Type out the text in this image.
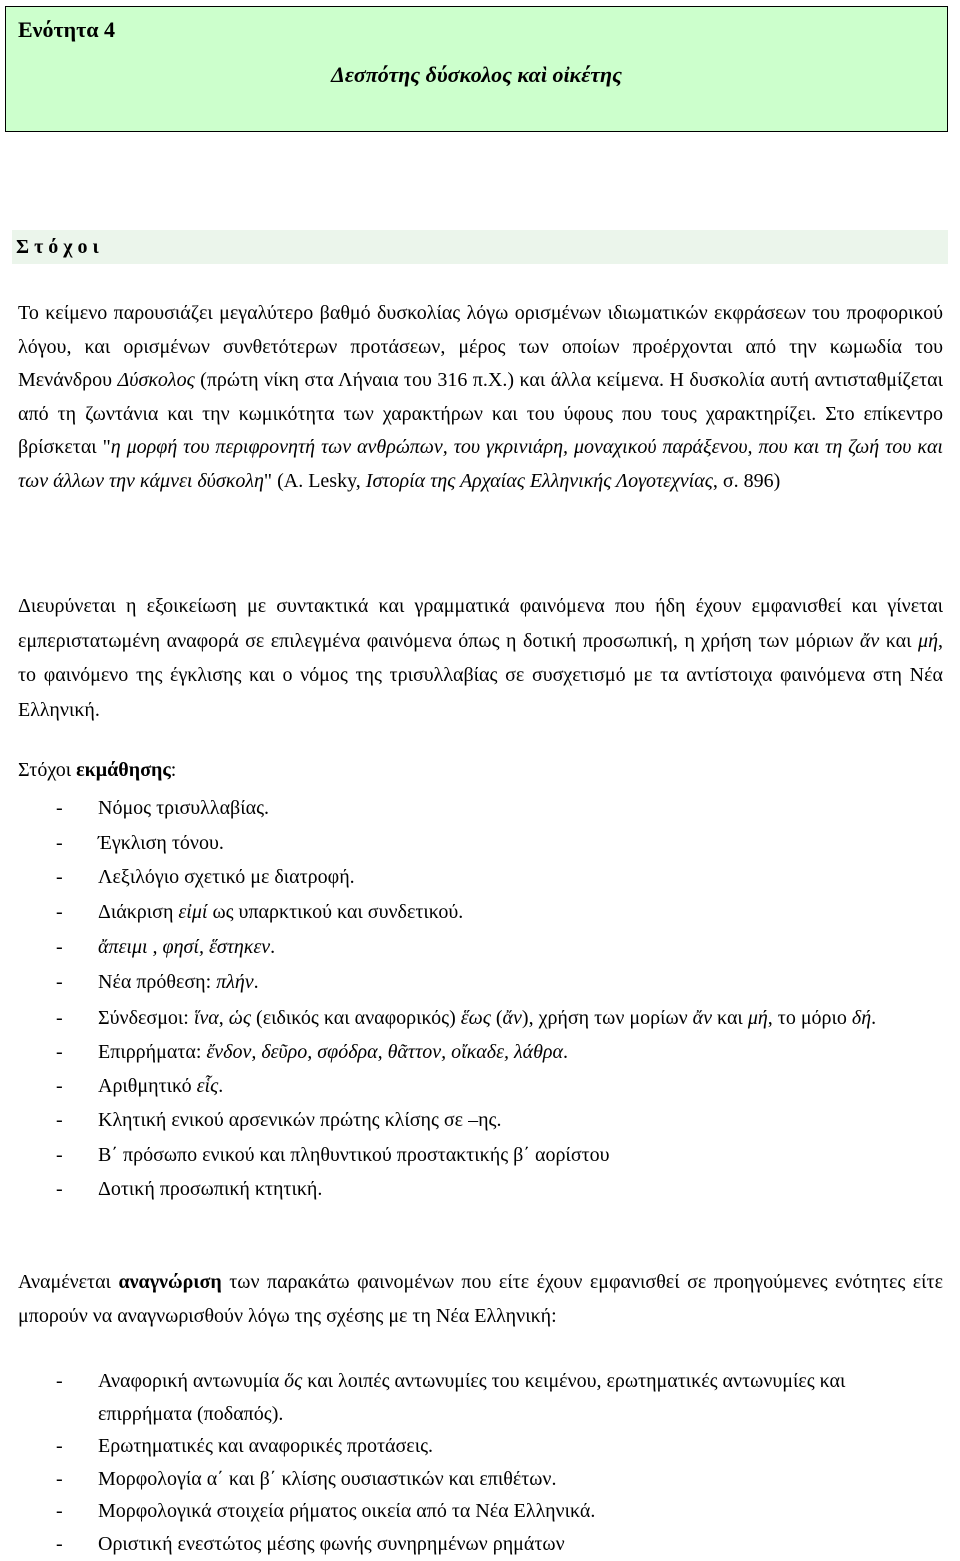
Ενότητα 4
Δεσπότης δύσκολος καὶ οἰκέτης
Σ τ ό χ ο ι
Το κείμενο παρουσιάζει μεγαλύτερο βαθμό δυσκολίας λόγω ορισμένων ιδιωματικών εκφράσεων του προφορικού λόγου, και ορισμένων συνθετότερων προτάσεων, μέρος των οποίων προέρχονται από την κωμωδία του Μενάνδρου Δύσκολος (πρώτη νίκη στα Λήναια του 316 π.Χ.) και άλλα κείμενα. Η δυσκολία αυτή αντισταθμίζεται από τη ζωντάνια και την κωμικότητα των χαρακτήρων και του ύφους που τους χαρακτηρίζει. Στο επίκεντρο βρίσκεται "η μορφή του περιφρονητή των ανθρώπων, του γκρινιάρη, μοναχικού παράξενου, που και τη ζωή του και των άλλων την κάμνει δύσκολη" (A. Lesky, Ιστορία της Αρχαίας Ελληνικής Λογοτεχνίας, σ. 896)
Διευρύνεται η εξοικείωση με συντακτικά και γραμματικά φαινόμενα που ήδη έχουν εμφανισθεί και γίνεται εμπεριστατωμένη αναφορά σε επιλεγμένα φαινόμενα όπως η δοτική προσωπική, η χρήση των μόριων ἄν και μή, το φαινόμενο της έγκλισης και ο νόμος της τρισυλλαβίας σε συσχετισμό με τα αντίστοιχα φαινόμενα στη Νέα Ελληνική.
Στόχοι εκμάθησης:
- Νόμος τρισυλλαβίας.
- Έγκλιση τόνου.
- Λεξιλόγιο σχετικό με διατροφή.
- Διάκριση εἰμί ως υπαρκτικού και συνδετικού.
- ἄπειμι , φησί, ἕστηκεν.
- Νέα πρόθεση: πλήν.
- Σύνδεσμοι: ἵνα, ὡς (ειδικός και αναφορικός) ἕως (ἄν), χρήση των μορίων ἄν και μή, το μόριο δή.
- Επιρρήματα: ἔνδον, δεῦρο, σφόδρα, θᾶττον, οἴκαδε, λάθρα.
- Αριθμητικό εἷς.
- Κλητική ενικού αρσενικών πρώτης κλίσης σε –ης.
- Β΄ πρόσωπο ενικού και πληθυντικού προστακτικής β΄ αορίστου
- Δοτική προσωπική κτητική.
Αναμένεται αναγνώριση των παρακάτω φαινομένων που είτε έχουν εμφανισθεί σε προηγούμενες ενότητες είτε μπορούν να αναγνωρισθούν λόγω της σχέσης με τη Νέα Ελληνική:
- Αναφορική αντωνυμία ὅς και λοιπές αντωνυμίες του κειμένου, ερωτηματικές αντωνυμίες και επιρρήματα (ποδαπός).
- Ερωτηματικές και αναφορικές προτάσεις.
- Μορφολογία α΄ και β΄ κλίσης ουσιαστικών και επιθέτων.
- Μορφολογικά στοιχεία ρήματος οικεία από τα Νέα Ελληνικά.
- Οριστική ενεστώτος μέσης φωνής συνηρημένων ρημάτων
